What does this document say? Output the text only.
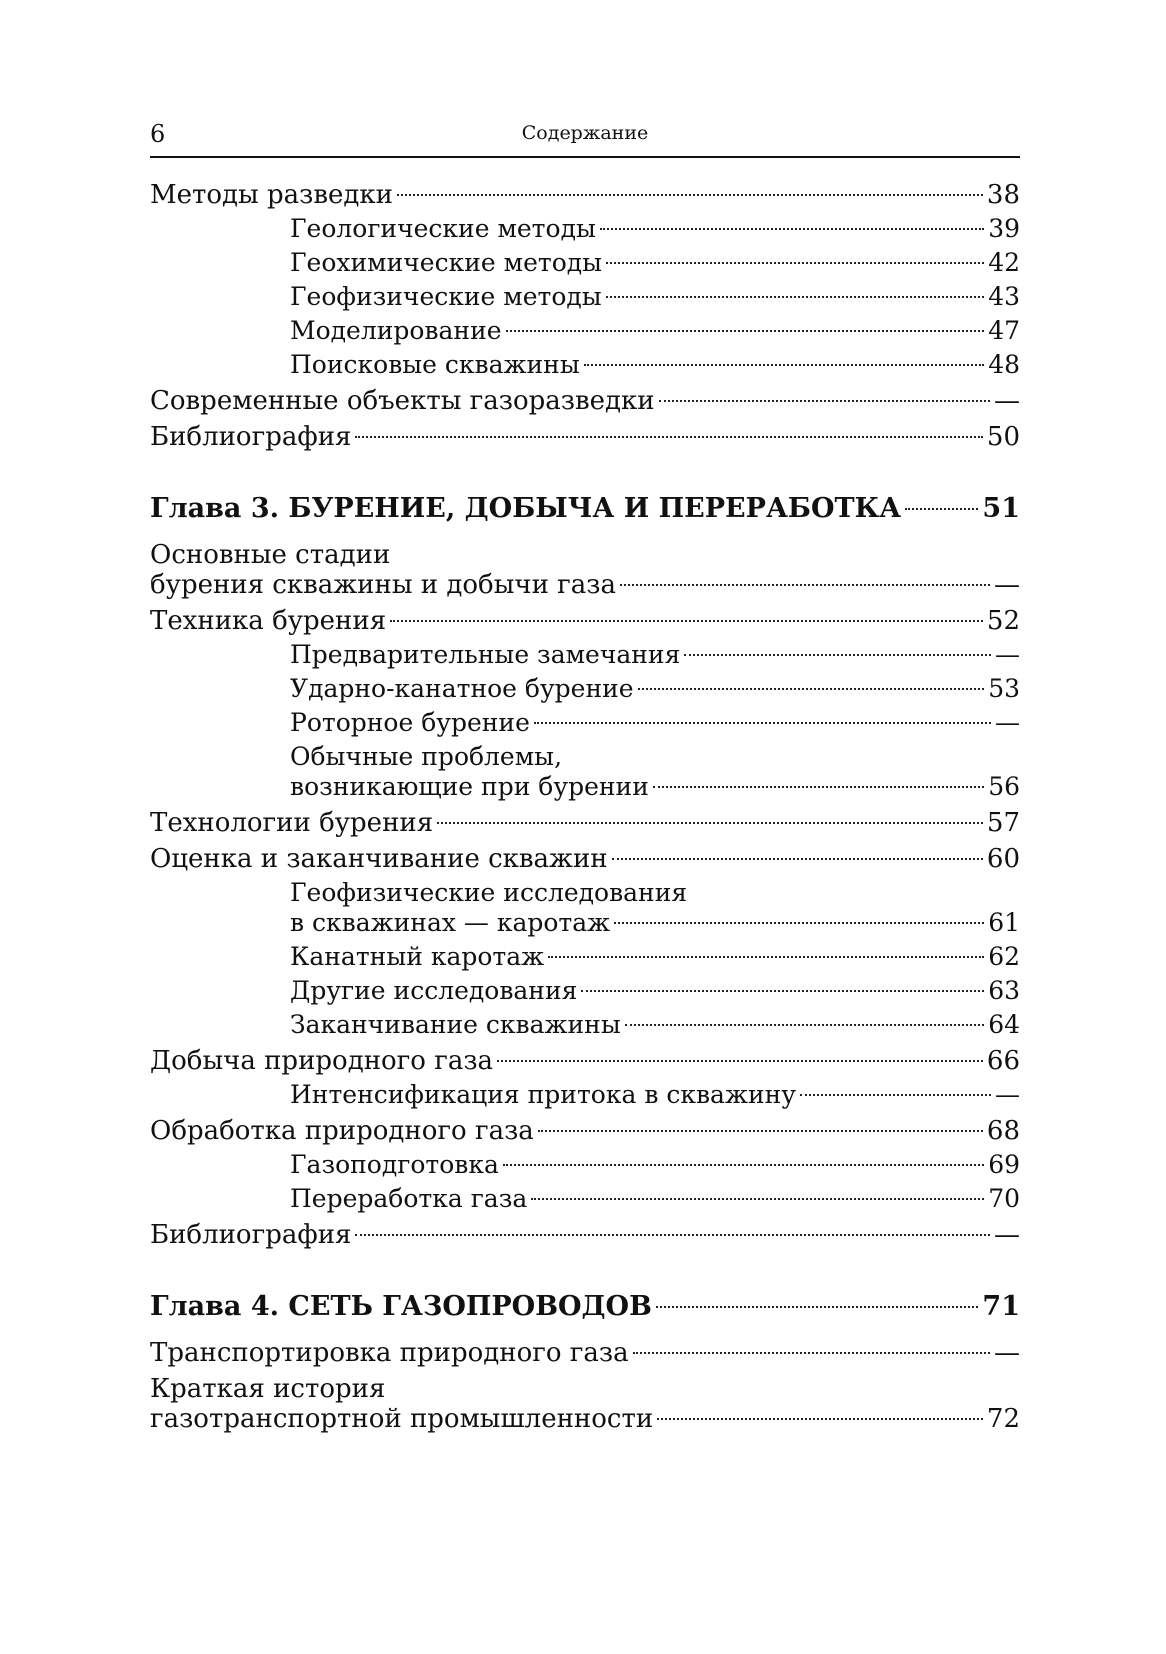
6	Содержание
Методы разведки	38
Геологические методы	39
Геохимические методы	42
Геофизические методы	43
Моделирование	47
Поисковые скважины	48
Современные объекты газоразведки	—
Библиография	50
Глава 3. БУРЕНИЕ, ДОБЫЧА И ПЕРЕРАБОТКА	51
Основные стадии
бурения скважины и добычи газа	—
Техника бурения	52
Предварительные замечания	—
Ударно-канатное бурение	53
Роторное бурение	—
Обычные проблемы,
возникающие при бурении	56
Технологии бурения	57
Оценка и заканчивание скважин	60
Геофизические исследования
в скважинах — каротаж	61
Канатный каротаж	62
Другие исследования	63
Заканчивание скважины	64
Добыча природного газа	66
Интенсификация притока в скважину	—
Обработка природного газа	68
Газоподготовка	69
Переработка газа	70
Библиография	—
Глава 4. СЕТЬ ГАЗОПРОВОДОВ	71
Транспортировка природного газа	—
Краткая история
газотранспортной промышленности	72
